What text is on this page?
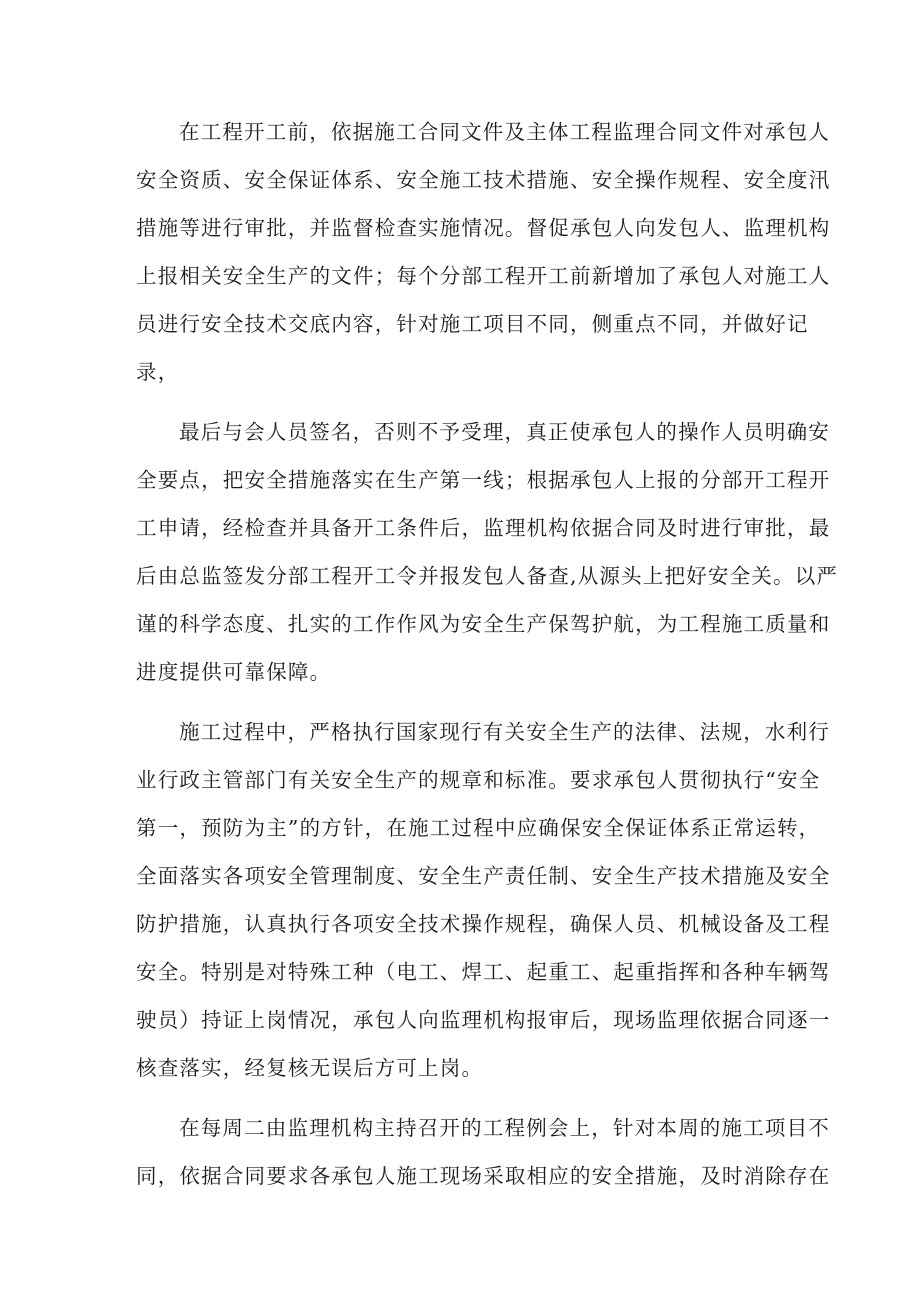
在工程开工前，依据施工合同文件及主体工程监理合同文件对承包人
安全资质、安全保证体系、安全施工技术措施、安全操作规程、安全度汛
措施等进行审批，并监督检查实施情况。督促承包人向发包人、监理机构
上报相关安全生产的文件；每个分部工程开工前新增加了承包人对施工人
员进行安全技术交底内容，针对施工项目不同，侧重点不同，并做好记
录，

最后与会人员签名，否则不予受理，真正使承包人的操作人员明确安
全要点，把安全措施落实在生产第一线；根据承包人上报的分部开工程开
工申请，经检查并具备开工条件后，监理机构依据合同及时进行审批，最
后由总监签发分部工程开工令并报发包人备查,从源头上把好安全关。以严
谨的科学态度、扎实的工作作风为安全生产保驾护航，为工程施工质量和
进度提供可靠保障。

施工过程中，严格执行国家现行有关安全生产的法律、法规，水利行
业行政主管部门有关安全生产的规章和标准。要求承包人贯彻执行“安全
第一，预防为主”的方针，在施工过程中应确保安全保证体系正常运转，
全面落实各项安全管理制度、安全生产责任制、安全生产技术措施及安全
防护措施，认真执行各项安全技术操作规程，确保人员、机械设备及工程
安全。特别是对特殊工种（电工、焊工、起重工、起重指挥和各种车辆驾
驶员）持证上岗情况，承包人向监理机构报审后，现场监理依据合同逐一
核查落实，经复核无误后方可上岗。

在每周二由监理机构主持召开的工程例会上，针对本周的施工项目不
同，依据合同要求各承包人施工现场采取相应的安全措施，及时消除存在
